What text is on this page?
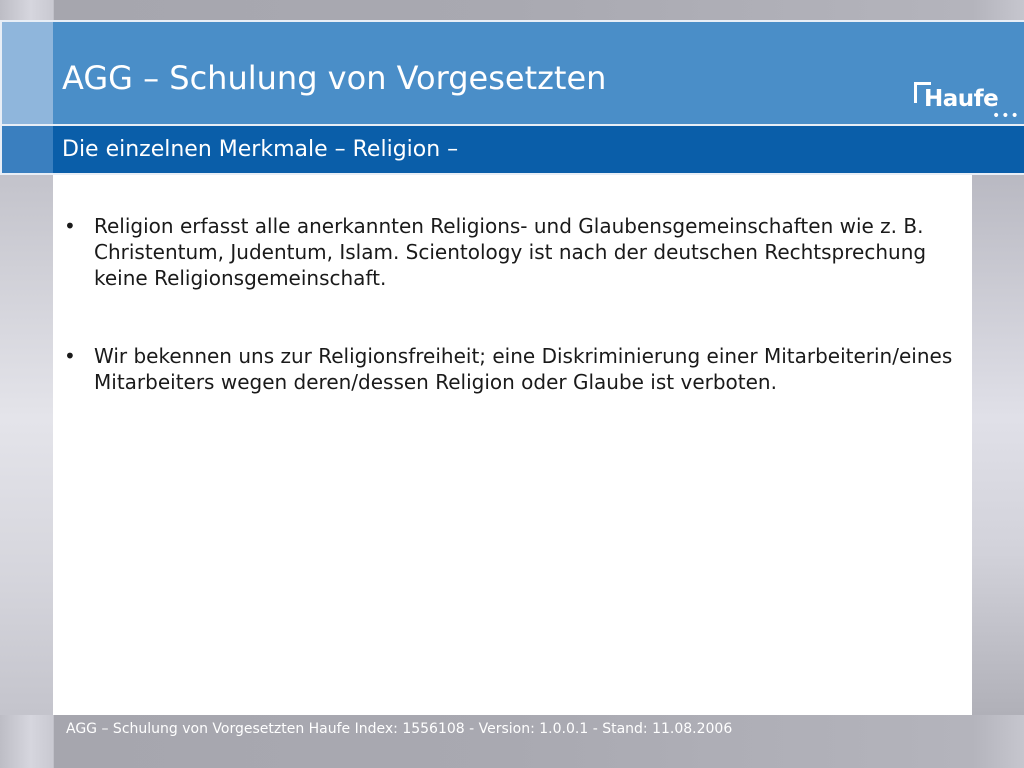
AGG – Schulung von Vorgesetzten
Haufe
•••
Die einzelnen Merkmale – Religion –
• Religion erfasst alle anerkannten Religions- und Glaubensgemeinschaften wie z. B. Christentum, Judentum, Islam. Scientology ist nach der deutschen Rechtsprechung keine Religionsgemeinschaft.
• Wir bekennen uns zur Religionsfreiheit; eine Diskriminierung einer Mitarbeiterin/eines Mitarbeiters wegen deren/dessen Religion oder Glaube ist verboten.
AGG – Schulung von Vorgesetzten Haufe Index: 1556108 - Version: 1.0.0.1 - Stand: 11.08.2006
